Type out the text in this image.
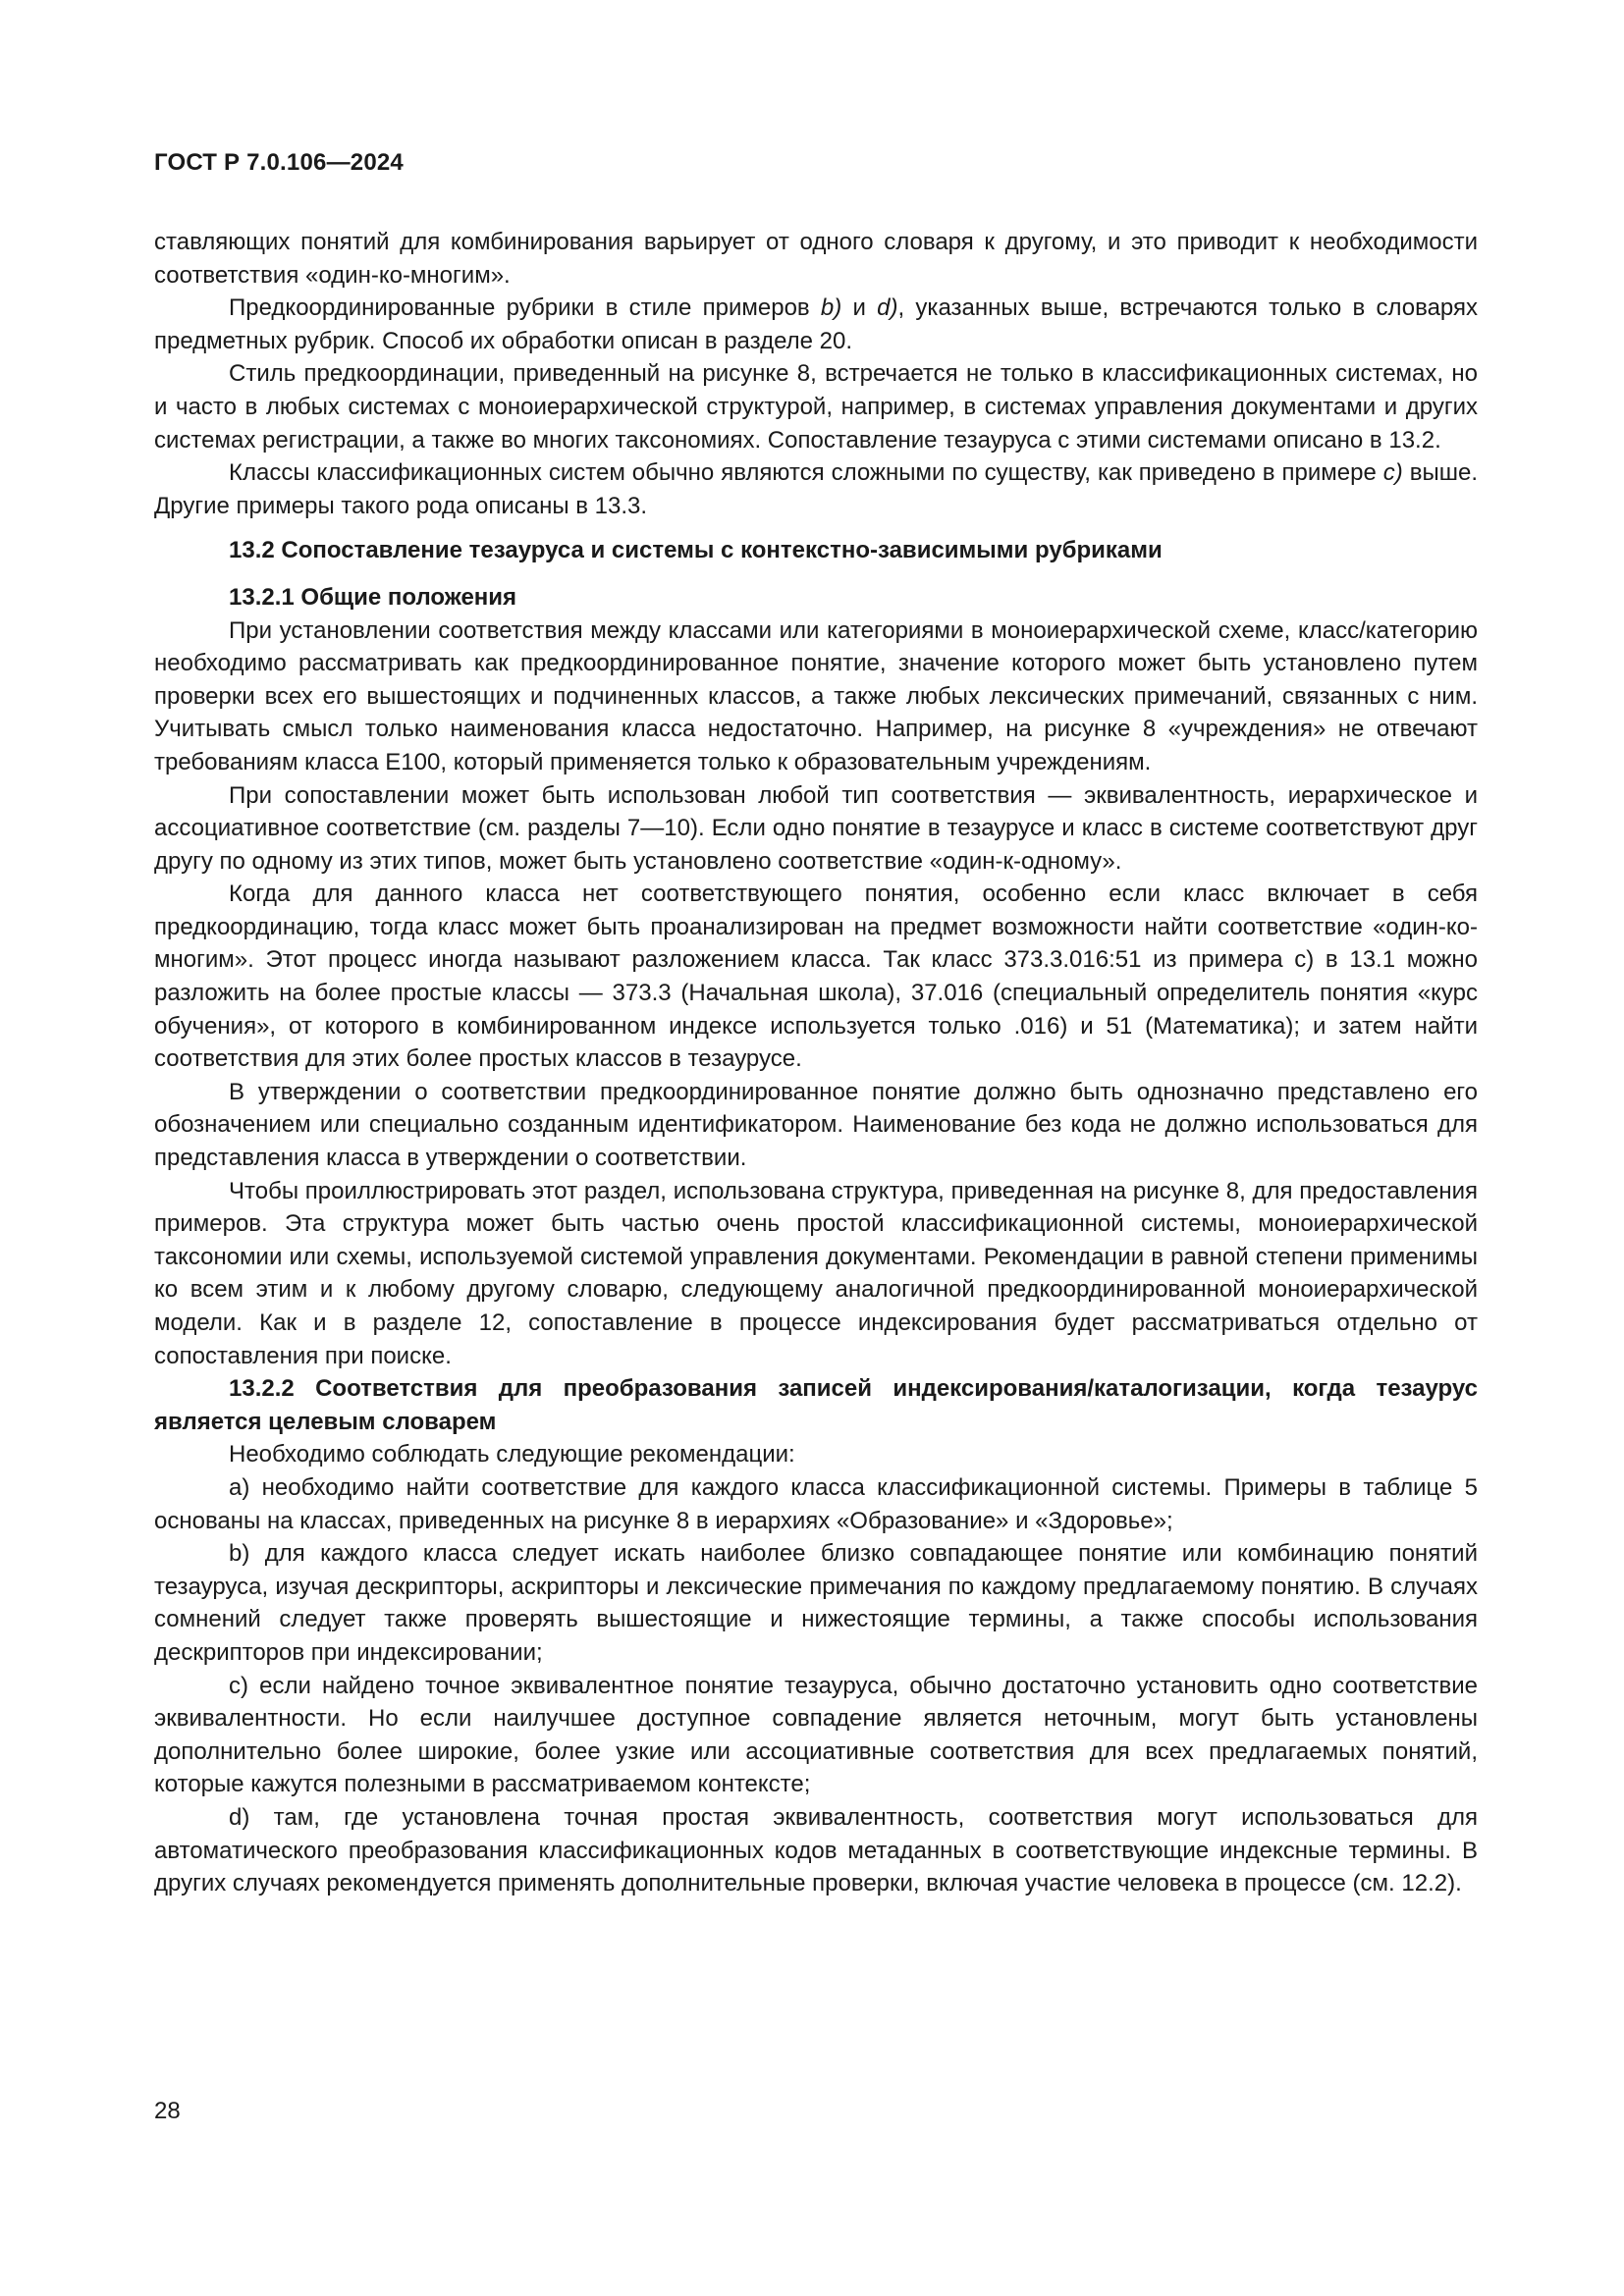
ГОСТ Р 7.0.106—2024

ставляющих понятий для комбинирования варьирует от одного словаря к другому, и это приводит к необходимости соответствия «один-ко-многим».

Предкоординированные рубрики в стиле примеров b) и d), указанных выше, встречаются только в словарях предметных рубрик. Способ их обработки описан в разделе 20.

Стиль предкоординации, приведенный на рисунке 8, встречается не только в классификационных системах, но и часто в любых системах с моноиерархической структурой, например, в системах управления документами и других системах регистрации, а также во многих таксономиях. Сопоставление тезауруса с этими системами описано в 13.2.

Классы классификационных систем обычно являются сложными по существу, как приведено в примере с) выше. Другие примеры такого рода описаны в 13.3.

13.2 Сопоставление тезауруса и системы с контекстно-зависимыми рубриками

13.2.1 Общие положения

При установлении соответствия между классами или категориями в моноиерархической схеме, класс/категорию необходимо рассматривать как предкоординированное понятие, значение которого может быть установлено путем проверки всех его вышестоящих и подчиненных классов, а также любых лексических примечаний, связанных с ним. Учитывать смысл только наименования класса недостаточно. Например, на рисунке 8 «учреждения» не отвечают требованиям класса Е100, который применяется только к образовательным учреждениям.

При сопоставлении может быть использован любой тип соответствия — эквивалентность, иерархическое и ассоциативное соответствие (см. разделы 7—10). Если одно понятие в тезаурусе и класс в системе соответствуют друг другу по одному из этих типов, может быть установлено соответствие «один-к-одному».

Когда для данного класса нет соответствующего понятия, особенно если класс включает в себя предкоординацию, тогда класс может быть проанализирован на предмет возможности найти соответствие «один-ко-многим». Этот процесс иногда называют разложением класса. Так класс 373.3.016:51 из примера с) в 13.1 можно разложить на более простые классы — 373.3 (Начальная школа), 37.016 (специальный определитель понятия «курс обучения», от которого в комбинированном индексе используется только .016) и 51 (Математика); и затем найти соответствия для этих более простых классов в тезаурусе.

В утверждении о соответствии предкоординированное понятие должно быть однозначно представлено его обозначением или специально созданным идентификатором. Наименование без кода не должно использоваться для представления класса в утверждении о соответствии.

Чтобы проиллюстрировать этот раздел, использована структура, приведенная на рисунке 8, для предоставления примеров. Эта структура может быть частью очень простой классификационной системы, моноиерархической таксономии или схемы, используемой системой управления документами. Рекомендации в равной степени применимы ко всем этим и к любому другому словарю, следующему аналогичной предкоординированной моноиерархической модели. Как и в разделе 12, сопоставление в процессе индексирования будет рассматриваться отдельно от сопоставления при поиске.

13.2.2 Соответствия для преобразования записей индексирования/каталогизации, когда тезаурус является целевым словарем

Необходимо соблюдать следующие рекомендации:

а) необходимо найти соответствие для каждого класса классификационной системы. Примеры в таблице 5 основаны на классах, приведенных на рисунке 8 в иерархиях «Образование» и «Здоровье»;

b) для каждого класса следует искать наиболее близко совпадающее понятие или комбинацию понятий тезауруса, изучая дескрипторы, аскрипторы и лексические примечания по каждому предлагаемому понятию. В случаях сомнений следует также проверять вышестоящие и нижестоящие термины, а также способы использования дескрипторов при индексировании;

с) если найдено точное эквивалентное понятие тезауруса, обычно достаточно установить одно соответствие эквивалентности. Но если наилучшее доступное совпадение является неточным, могут быть установлены дополнительно более широкие, более узкие или ассоциативные соответствия для всех предлагаемых понятий, которые кажутся полезными в рассматриваемом контексте;

d) там, где установлена точная простая эквивалентность, соответствия могут использоваться для автоматического преобразования классификационных кодов метаданных в соответствующие индексные термины. В других случаях рекомендуется применять дополнительные проверки, включая участие человека в процессе (см. 12.2).

28
